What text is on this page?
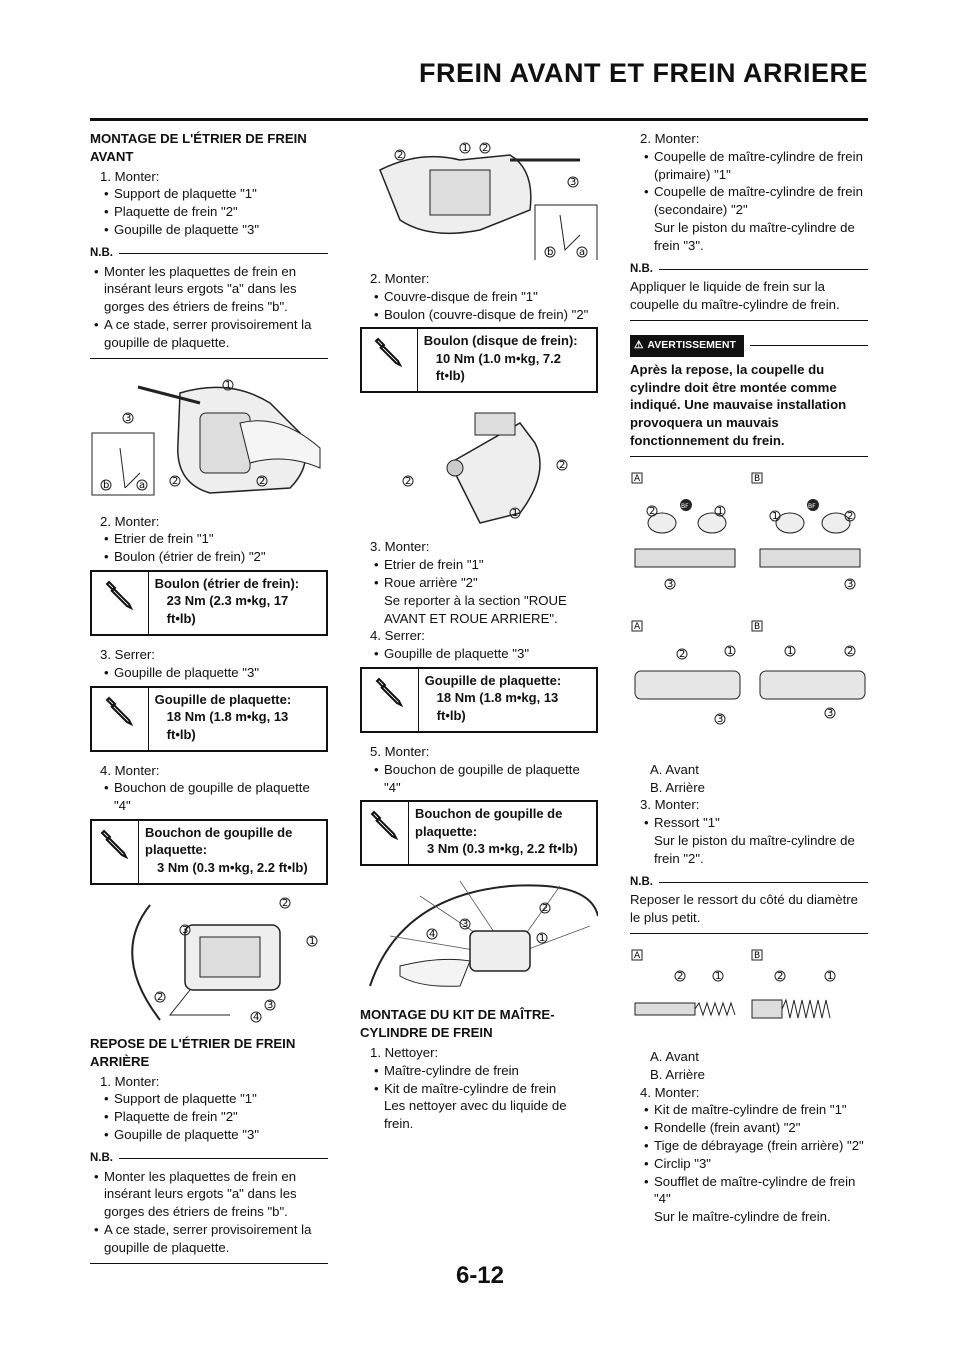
FREIN AVANT ET FREIN ARRIERE

MONTAGE DE L'ÉTRIER DE FREIN AVANT

1. Monter:

• Support de plaquette "1"

• Plaquette de frein "2"

• Goupille de plaquette "3"

N.B.

• Monter les plaquettes de frein en insérant leurs ergots "a" dans les gorges des étriers de freins "b".

• A ce stade, serrer provisoirement la goupille de plaquette.

1
3
2	2
b	a

2. Monter:

• Etrier de frein "1"

• Boulon (étrier de frein) "2"

Boulon (étrier de frein):
23 Nm (2.3 m•kg, 17 ft•lb)

3. Serrer:

• Goupille de plaquette "3"

Goupille de plaquette:
18 Nm (1.8 m•kg, 13 ft•lb)

4. Monter:

• Bouchon de goupille de plaquette "4"

Bouchon de goupille de plaquette:
3 Nm (0.3 m•kg, 2.2 ft•lb)
2
3
1
2
3
4

REPOSE DE L'ÉTRIER DE FREIN ARRIÈRE

1. Monter:

• Support de plaquette "1"

• Plaquette de frein "2"

• Goupille de plaquette "3"

N.B.

• Monter les plaquettes de frein en insérant leurs ergots "a" dans les gorges des étriers de freins "b".

• A ce stade, serrer provisoirement la goupille de plaquette.

2
1 2
3
b	a

2. Monter:

• Couvre-disque de frein "1"

• Boulon (couvre-disque de frein) "2"

Boulon (disque de frein):
10 Nm (1.0 m•kg, 7.2 ft•lb)
2
2
1

3. Monter:

• Etrier de frein "1"

• Roue arrière "2"

Se reporter à la section "ROUE AVANT ET ROUE ARRIERE".

4. Serrer:

• Goupille de plaquette "3"

Goupille de plaquette:
18 Nm (1.8 m•kg, 13 ft•lb)

5. Monter:

• Bouchon de goupille de plaquette "4"

Bouchon de goupille de plaquette:
3 Nm (0.3 m•kg, 2.2 ft•lb)
2
3
4	1

MONTAGE DU KIT DE MAÎTRE-CYLINDRE DE FREIN

1. Nettoyer:

• Maître-cylindre de frein

• Kit de maître-cylindre de frein

Les nettoyer avec du liquide de frein.

2. Monter:

• Coupelle de maître-cylindre de frein (primaire) "1"

• Coupelle de maître-cylindre de frein (secondaire) "2"

Sur le piston du maître-cylindre de frein "3".

N.B.

Appliquer le liquide de frein sur la coupelle du maître-cylindre de frein.

⚠ AVERTISSEMENT
Après la repose, la coupelle du cylindre doit être montée comme indiqué. Une mauvaise installation provoquera un mauvais fonctionnement du frein.
A	B
BF	BF
A	B
2	1	1	2
3	3
2	1	1	2
3
3

A. Avant

B. Arrière

3. Monter:

• Ressort "1"

Sur le piston du maître-cylindre de frein "2".

N.B.

Reposer le ressort du côté du diamètre le plus petit.

A	B
2	1	2	1

A. Avant

B. Arrière

4. Monter:

• Kit de maître-cylindre de frein "1"

• Rondelle (frein avant) "2"

• Tige de débrayage (frein arrière) "2"

• Circlip "3"

• Soufflet de maître-cylindre de frein "4"

Sur le maître-cylindre de frein.

6-12
